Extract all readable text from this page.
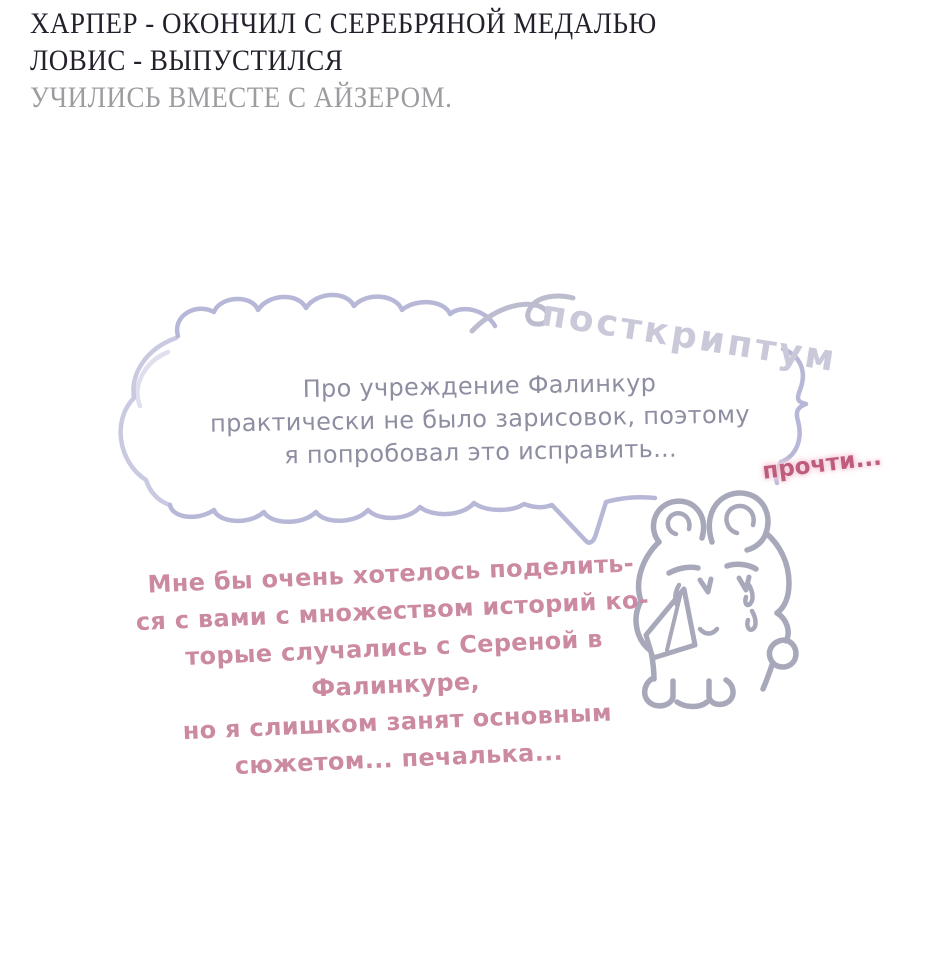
ХАРПЕР - ОКОНЧИЛ С СЕРЕБРЯНОЙ МЕДАЛЬЮ
ЛОВИС - ВЫПУСТИЛСЯ
УЧИЛИСЬ ВМЕСТЕ С АЙЗЕРОМ.
посткриптум
Про учреждение Фалинкур
практически не было зарисовок, поэтому
я попробовал это исправить...	прочти...
Мне бы очень хотелось поделить-
ся с вами с множеством историй ко-
торые случались с Сереной в Фалинкуре,
но я слишком занят основным
сюжетом... печалька...
